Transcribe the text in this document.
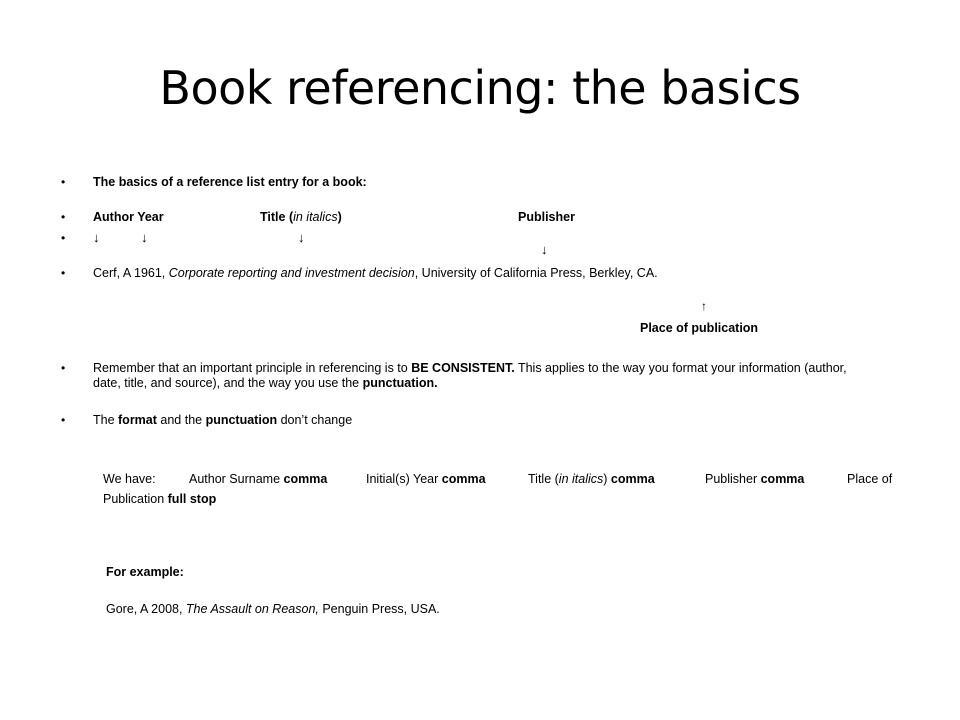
Book referencing: the basics
• The basics of a reference list entry for a book:
• Author Year	Title (in italics)	Publisher
• ↓	↓	↓
↓
• Cerf, A 1961, Corporate reporting and investment decision, University of California Press, Berkley, CA.
↑
Place of publication
• Remember that an important principle in referencing is to BE CONSISTENT. This applies to the way you format your information (author, date, title, and source), and the way you use the punctuation.
• The format and the punctuation don’t change
We have:	Author Surname comma	Initial(s) Year comma	Title (in italics) comma	Publisher comma	Place of
Publication full stop
For example:
Gore, A 2008, The Assault on Reason, Penguin Press, USA.
